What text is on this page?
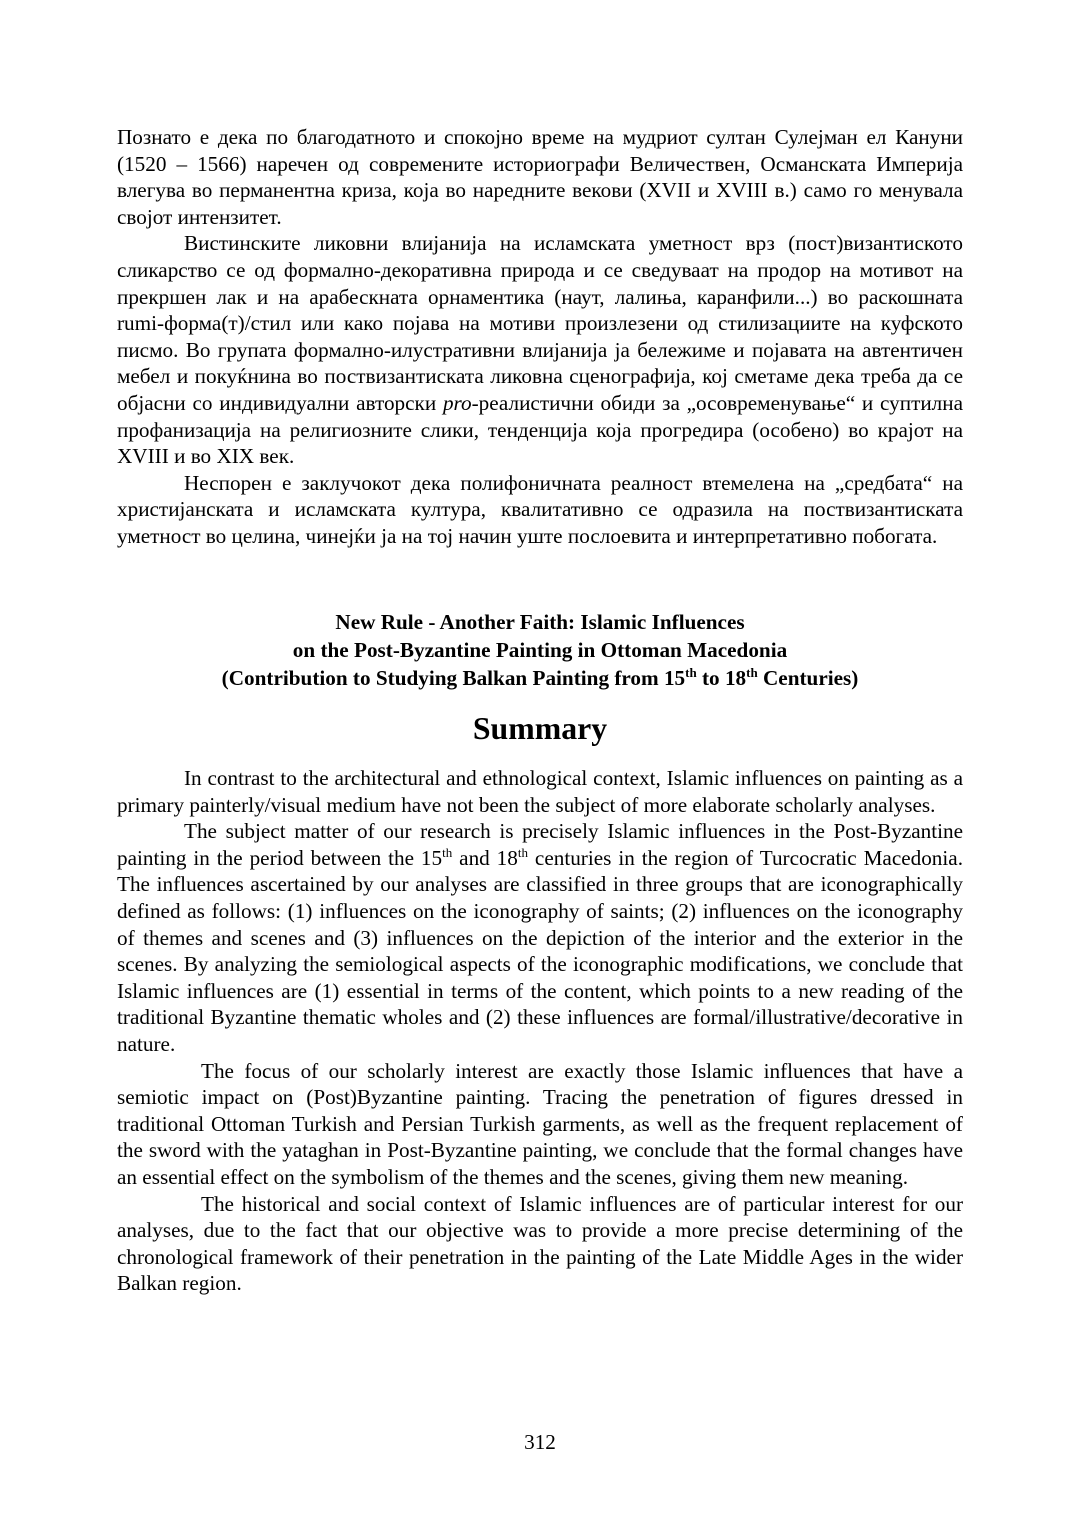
Познато е дека по благодатното и спокојно време на мудриот султан Сулејман ел Кануни (1520 – 1566) наречен од современите историографи Величествен, Османската Империја влегува во перманентна криза, која во наредните векови (XVII и XVIII в.) само го менувала својот интензитет.

Вистинските ликовни влијанија на исламската уметност врз (пост)византиското сликарство се од формално-декоративна природа и се сведуваат на продор на мотивот на прекршен лак и на арабескната орнаментика (наут, лалиња, каранфили...) во раскошната rumi-форма(т)/стил или како појава на мотиви произлезени од стилизациите на куфското писмо. Во групата формално-илустративни влијанија ја бележиме и појавата на автентичен мебел и покуќнина во поствизантиската ликовна сценографија, кој сметаме дека треба да се објасни со индивидуални авторски pro-реалистични обиди за „осовременување“ и суптилна профанизација на религиозните слики, тенденција која прогредира (особено) во крајот на XVIII и во XIX век.

Неспорен е заклучокот дека полифоничната реалност втемелена на „средбата“ на христијанската и исламската култура, квалитативно се одразила на поствизантиската уметност во целина, чинејќи ја на тој начин уште послоевита и интерпретативно побогата.

New Rule - Another Faith: Islamic Influences
on the Post-Byzantine Painting in Ottoman Macedonia
(Contribution to Studying Balkan Painting from 15th to 18th Centuries)
Summary

In contrast to the architectural and ethnological context, Islamic influences on painting as a primary painterly/visual medium have not been the subject of more elaborate scholarly analyses.

The subject matter of our research is precisely Islamic influences in the Post-Byzantine painting in the period between the 15th and 18th centuries in the region of Turcocratic Macedonia. The influences ascertained by our analyses are classified in three groups that are iconographically defined as follows: (1) influences on the iconography of saints; (2) influences on the iconography of themes and scenes and (3) influences on the depiction of the interior and the exterior in the scenes. By analyzing the semiological aspects of the iconographic modifications, we conclude that Islamic influences are (1) essential in terms of the content, which points to a new reading of the traditional Byzantine thematic wholes and (2) these influences are formal/illustrative/decorative in nature.

The focus of our scholarly interest are exactly those Islamic influences that have a semiotic impact on (Post)Byzantine painting. Tracing the penetration of figures dressed in traditional Ottoman Turkish and Persian Turkish garments, as well as the frequent replacement of the sword with the yataghan in Post-Byzantine painting, we conclude that the formal changes have an essential effect on the symbolism of the themes and the scenes, giving them new meaning.

The historical and social context of Islamic influences are of particular interest for our analyses, due to the fact that our objective was to provide a more precise determining of the chronological framework of their penetration in the painting of the Late Middle Ages in the wider Balkan region.

312
